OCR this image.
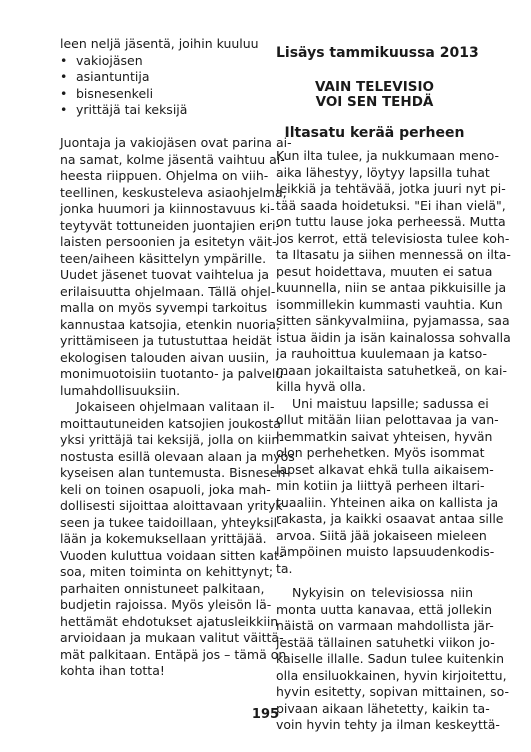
leen neljä jäsentä, joihin kuuluu
• vakiojäsen
• asiantuntija
• bisnesenkeli
• yrittäjä tai keksijä
Juontaja ja vakiojäsen ovat parina ai-
na samat, kolme jäsentä vaihtuu ai-
heesta riippuen. Ohjelma on viih-
teellinen, keskusteleva asiaohjelma,
jonka huumori ja kiinnostavuus ki-
teytyvät tottuneiden juontajien eri-
laisten persoonien ja esitetyn väit-
teen/aiheen käsittelyn ympärille.
Uudet jäsenet tuovat vaihtelua ja
erilaisuutta ohjelmaan. Tällä ohjel-
malla on myös syvempi tarkoitus
kannustaa katsojia, etenkin nuoria,
yrittämiseen ja tutustuttaa heidät
ekologisen talouden aivan uusiin,
monimuotoisiin tuotanto- ja palvelu-
lumahdollisuuksiin.
Jokaiseen ohjelmaan valitaan il-
moittautuneiden katsojien joukosta
yksi yrittäjä tai keksijä, jolla on kiin-
nostusta esillä olevaan alaan ja myös
kyseisen alan tuntemusta. Bisnesen-
keli on toinen osapuoli, joka mah-
dollisesti sijoittaa aloittavaan yrityk-
seen ja tukee taidoillaan, yhteyksil-
lään ja kokemuksellaan yrittäjää.
Vuoden kuluttua voidaan sitten kat-
soa, miten toiminta on kehittynyt;
parhaiten onnistuneet palkitaan,
budjetin rajoissa. Myös yleisön lä-
hettämät ehdotukset ajatusleikkiin
arvioidaan ja mukaan valitut väittä-
mät palkitaan. Entäpä jos – tämä on
kohta ihan totta!
Lisäys tammikuussa 2013
VAIN TELEVISIO
VOI SEN TEHDÄ
Iltasatu kerää perheen
Kun ilta tulee, ja nukkumaan meno-
aika lähestyy, löytyy lapsilla tuhat
leikkiä ja tehtävää, jotka juuri nyt pi-
tää saada hoidetuksi. "Ei ihan vielä",
on tuttu lause joka perheessä. Mutta
jos kerrot, että televisiosta tulee koh-
ta Iltasatu ja siihen mennessä on ilta-
pesut hoidettava, muuten ei satua
kuunnella, niin se antaa pikkuisille ja
isommillekin kummasti vauhtia. Kun
sitten sänkyvalmiina, pyjamassa, saa
istua äidin ja isän kainalossa sohvalla
ja rauhoittua kuulemaan ja katso-
maan jokailtaista satuhetkeä, on kai-
killa hyvä olla.
Uni maistuu lapsille; sadussa ei
ollut mitään liian pelottavaa ja van-
hemmatkin saivat yhteisen, hyvän
olon perhehetken. Myös isommat
lapset alkavat ehkä tulla aikaisem-
min kotiin ja liittyä perheen iltari-
tuaaliin. Yhteinen aika on kallista ja
rakasta, ja kaikki osaavat antaa sille
arvoa. Siitä jää jokaiseen mieleen
lämpöinen muisto lapsuudenkodis-
ta.
Nykyisin on televisiossa niin
monta uutta kanavaa, että jollekin
näistä on varmaan mahdollista jär-
jestää tällainen satuhetki viikon jo-
kaiselle illalle. Sadun tulee kuitenkin
olla ensiluokkainen, hyvin kirjoitettu,
hyvin esitetty, sopivan mittainen, so-
pivaan aikaan lähetetty, kaikin ta-
voin hyvin tehty ja ilman keskeyttä-
195
